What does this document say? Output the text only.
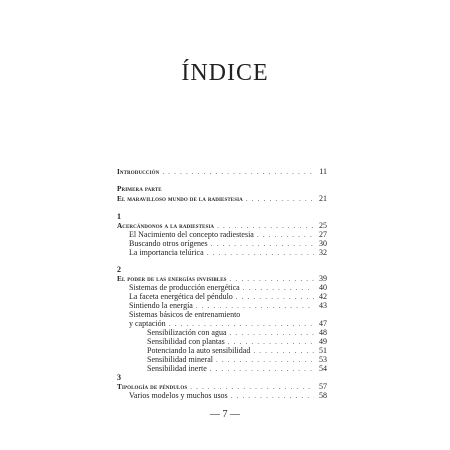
ÍNDICE
Introducción . . .	11
Primera parte
El maravilloso mundo de la radiestesia . . .	21
1
Acercándonos a la radiestesia . . .	25
El Nacimiento del concepto radiestesia . . .	27
Buscando otros orígenes . . .	30
La importancia telúrica . . .	32
2
El poder de las energías invisibles . . .	39
Sistemas de producción energética . . .	40
La faceta energética del péndulo . . .	42
Sintiendo la energía . . .	43
Sistemas básicos de entrenamiento
y captación . . .	47
Sensibilización con agua . . .	48
Sensibilidad con plantas . . .	49
Potenciando la auto sensibilidad . . .	51
Sensibilidad mineral . . .	53
Sensibilidad inerte . . .	54
3
Tipología de péndulos . . .	57
Varios modelos y muchos usos . . .	58
— 7 —
